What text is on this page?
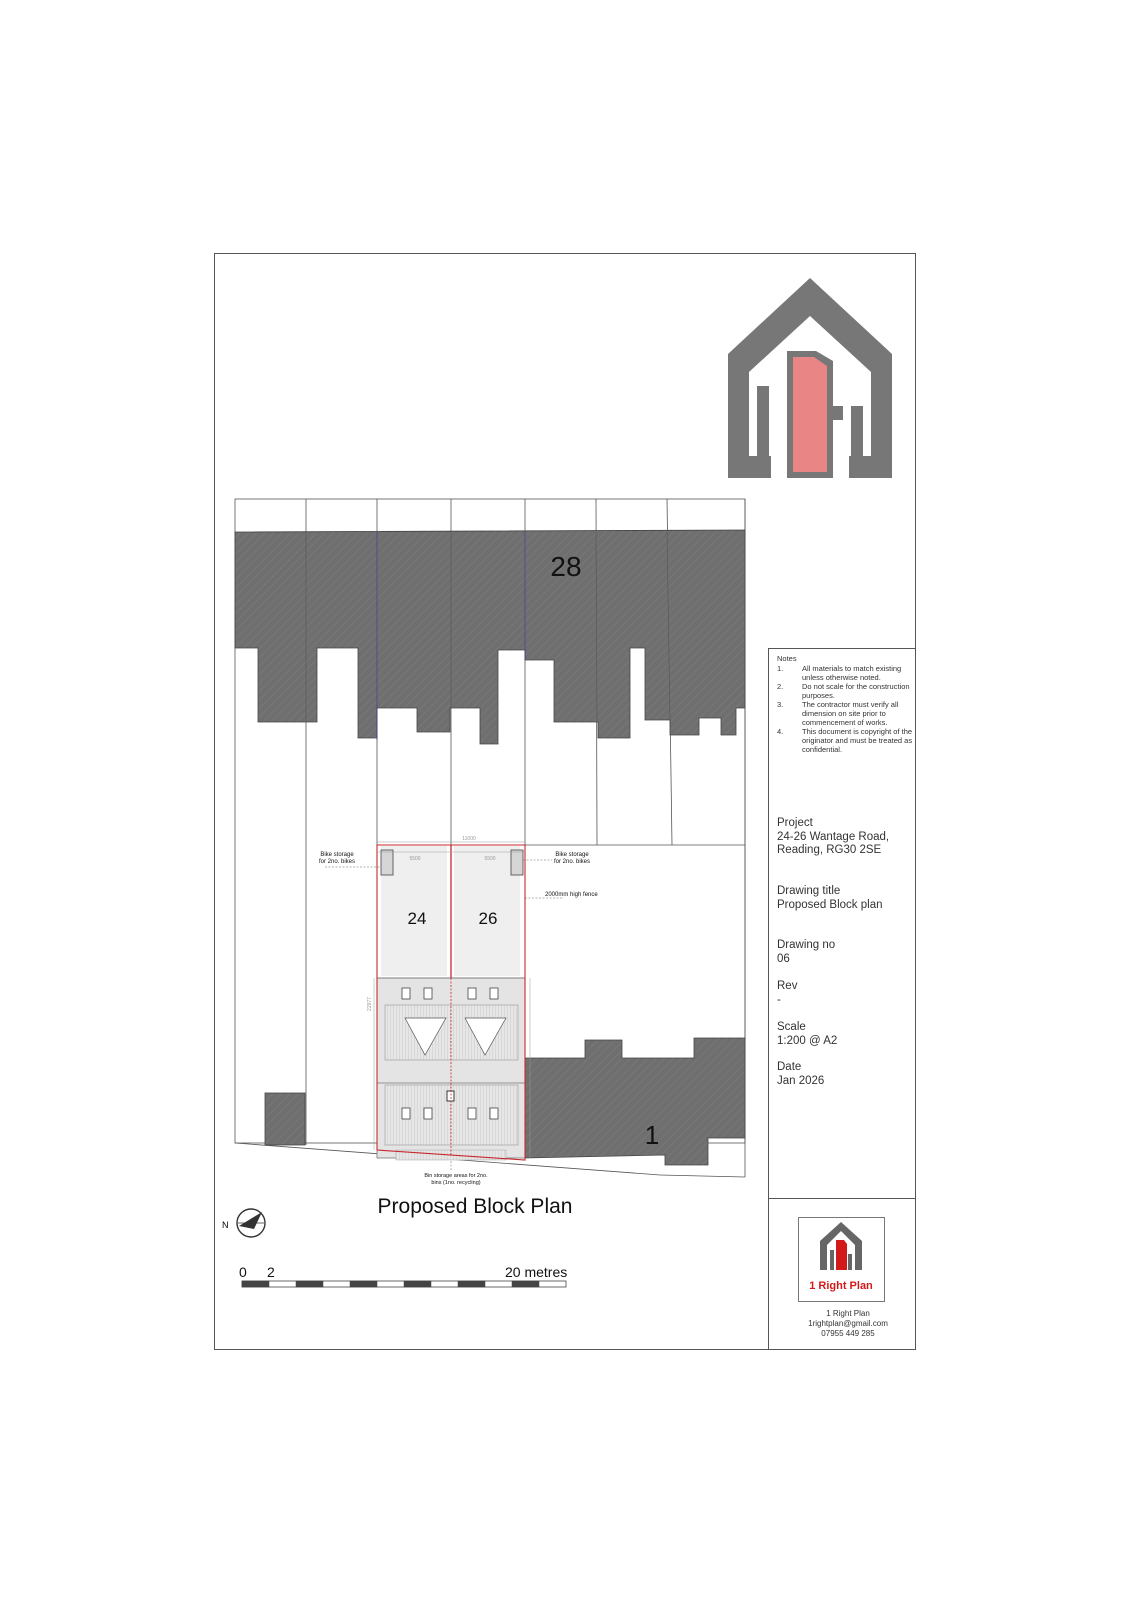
28
24	26
1
Bike storage
for 2no. bikes
Bike storage
for 2no. bikes
2000mm high fence
Bin storage areas for 2no.
bins (1no. recycling)
11000
5500	5500
22977
Proposed Block Plan
N
0 2	20 metres
1 Right Plan
Notes
1.	All materials to match existing unless otherwise noted.
2.	Do not scale for the construction purposes.
3.	The contractor must verify all dimension on site prior to commencement of works.
4.	This document is copyright of the originator and must be treated as confidential.
Project
24-26 Wantage Road,
Reading, RG30 2SE
Drawing title
Proposed Block plan
Drawing no
06
Rev
-
Scale
1:200 @ A2
Date
Jan 2026
1 Right Plan
1rightplan@gmail.com
07955 449 285
